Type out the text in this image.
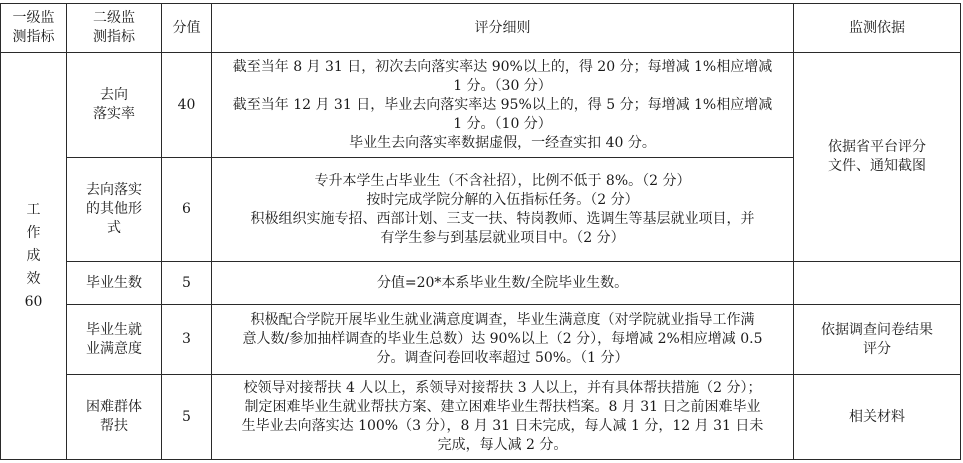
一级监
测指标	二级监
测指标	分值	评分细则	监测依据

工
作
成
效
60	去向
落实率	40	截至当年 8 月 31 日，初次去向落实率达 90%以上的，得 20 分；每增减 1%相应增减
1 分。（30 分）
截至当年 12 月 31 日，毕业去向落实率达 95%以上的，得 5 分；每增减 1%相应增减
1 分。（10 分）
毕业生去向落实率数据虚假，一经查实扣 40 分。	依据省平台评分
文件、通知截图

	去向落实
的其他形
式	6	专升本学生占毕业生（不含社招），比例不低于 8%。（2 分）
按时完成学院分解的入伍指标任务。（2 分）
积极组织实施专招、西部计划、三支一扶、特岗教师、选调生等基层就业项目，并
有学生参与到基层就业项目中。（2 分）	

	毕业生数	5	分值=20*本系毕业生数/全院毕业生数。	

	毕业生就
业满意度	3	积极配合学院开展毕业生就业满意度调查，毕业生满意度（对学院就业指导工作满
意人数/参加抽样调查的毕业生总数）达 90%以上（2 分），每增减 2%相应增减 0.5
分。调查问卷回收率超过 50%。（1 分）	依据调查问卷结果
评分

	困难群体
帮扶	5	校领导对接帮扶 4 人以上，系领导对接帮扶 3 人以上，并有具体帮扶措施（2 分）；
制定困难毕业生就业帮扶方案、建立困难毕业生帮扶档案。8 月 31 日之前困难毕业
生毕业去向落实达 100%（3 分），8 月 31 日未完成，每人减 1 分，12 月 31 日未
完成，每人减 2 分。	相关材料
